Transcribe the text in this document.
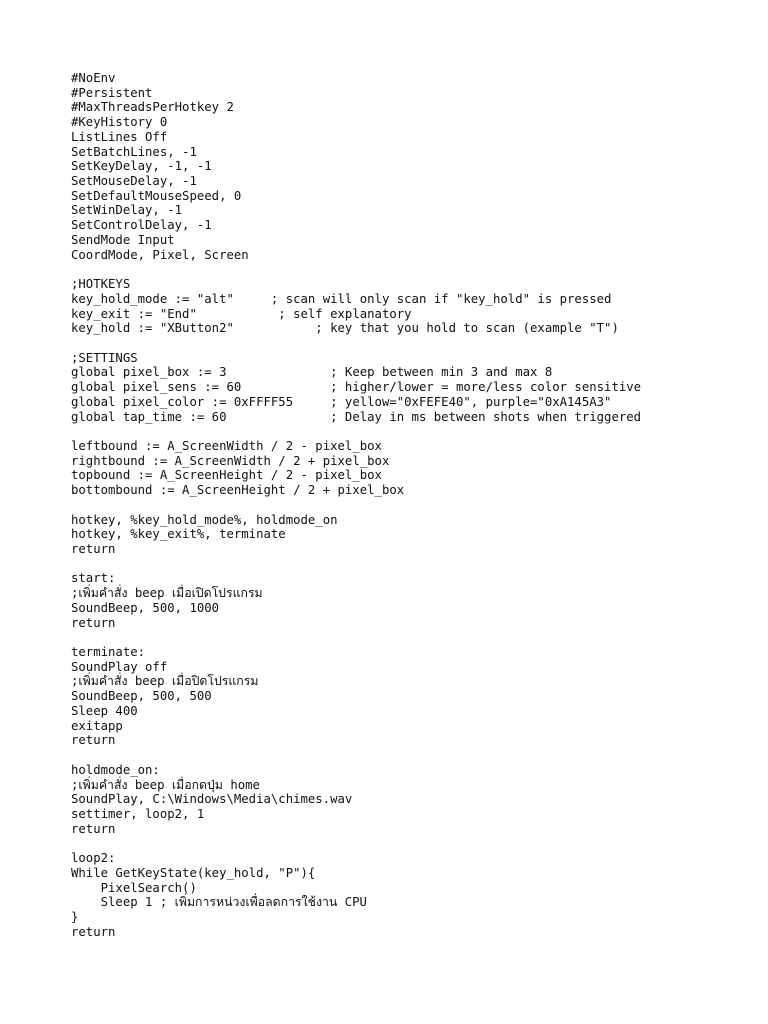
#NoEnv
#Persistent
#MaxThreadsPerHotkey 2
#KeyHistory 0
ListLines Off
SetBatchLines, -1
SetKeyDelay, -1, -1
SetMouseDelay, -1
SetDefaultMouseSpeed, 0
SetWinDelay, -1
SetControlDelay, -1
SendMode Input
CoordMode, Pixel, Screen

;HOTKEYS
key_hold_mode := "alt"     ; scan will only scan if "key_hold" is pressed
key_exit := "End"           ; self explanatory
key_hold := "XButton2"           ; key that you hold to scan (example "T")

;SETTINGS
global pixel_box := 3              ; Keep between min 3 and max 8
global pixel_sens := 60            ; higher/lower = more/less color sensitive
global pixel_color := 0xFFFF55     ; yellow="0xFEFE40", purple="0xA145A3"
global tap_time := 60              ; Delay in ms between shots when triggered

leftbound := A_ScreenWidth / 2 - pixel_box
rightbound := A_ScreenWidth / 2 + pixel_box
topbound := A_ScreenHeight / 2 - pixel_box
bottombound := A_ScreenHeight / 2 + pixel_box

hotkey, %key_hold_mode%, holdmode_on
hotkey, %key_exit%, terminate
return

start:
;เพิ่มคำสั่ง beep เมื่อเปิดโปรแกรม
SoundBeep, 500, 1000
return

terminate:
SoundPlay off
;เพิ่มคำสั่ง beep เมื่อปิดโปรแกรม
SoundBeep, 500, 500
Sleep 400
exitapp
return

holdmode_on:
;เพิ่มคำสั่ง beep เมื่อกดปุ่ม home
SoundPlay, C:\Windows\Media\chimes.wav
settimer, loop2, 1
return

loop2:
While GetKeyState(key_hold, "P"){
PixelSearch()
Sleep 1 ; เพิ่มการหน่วงเพื่อลดการใช้งาน CPU
}
return
